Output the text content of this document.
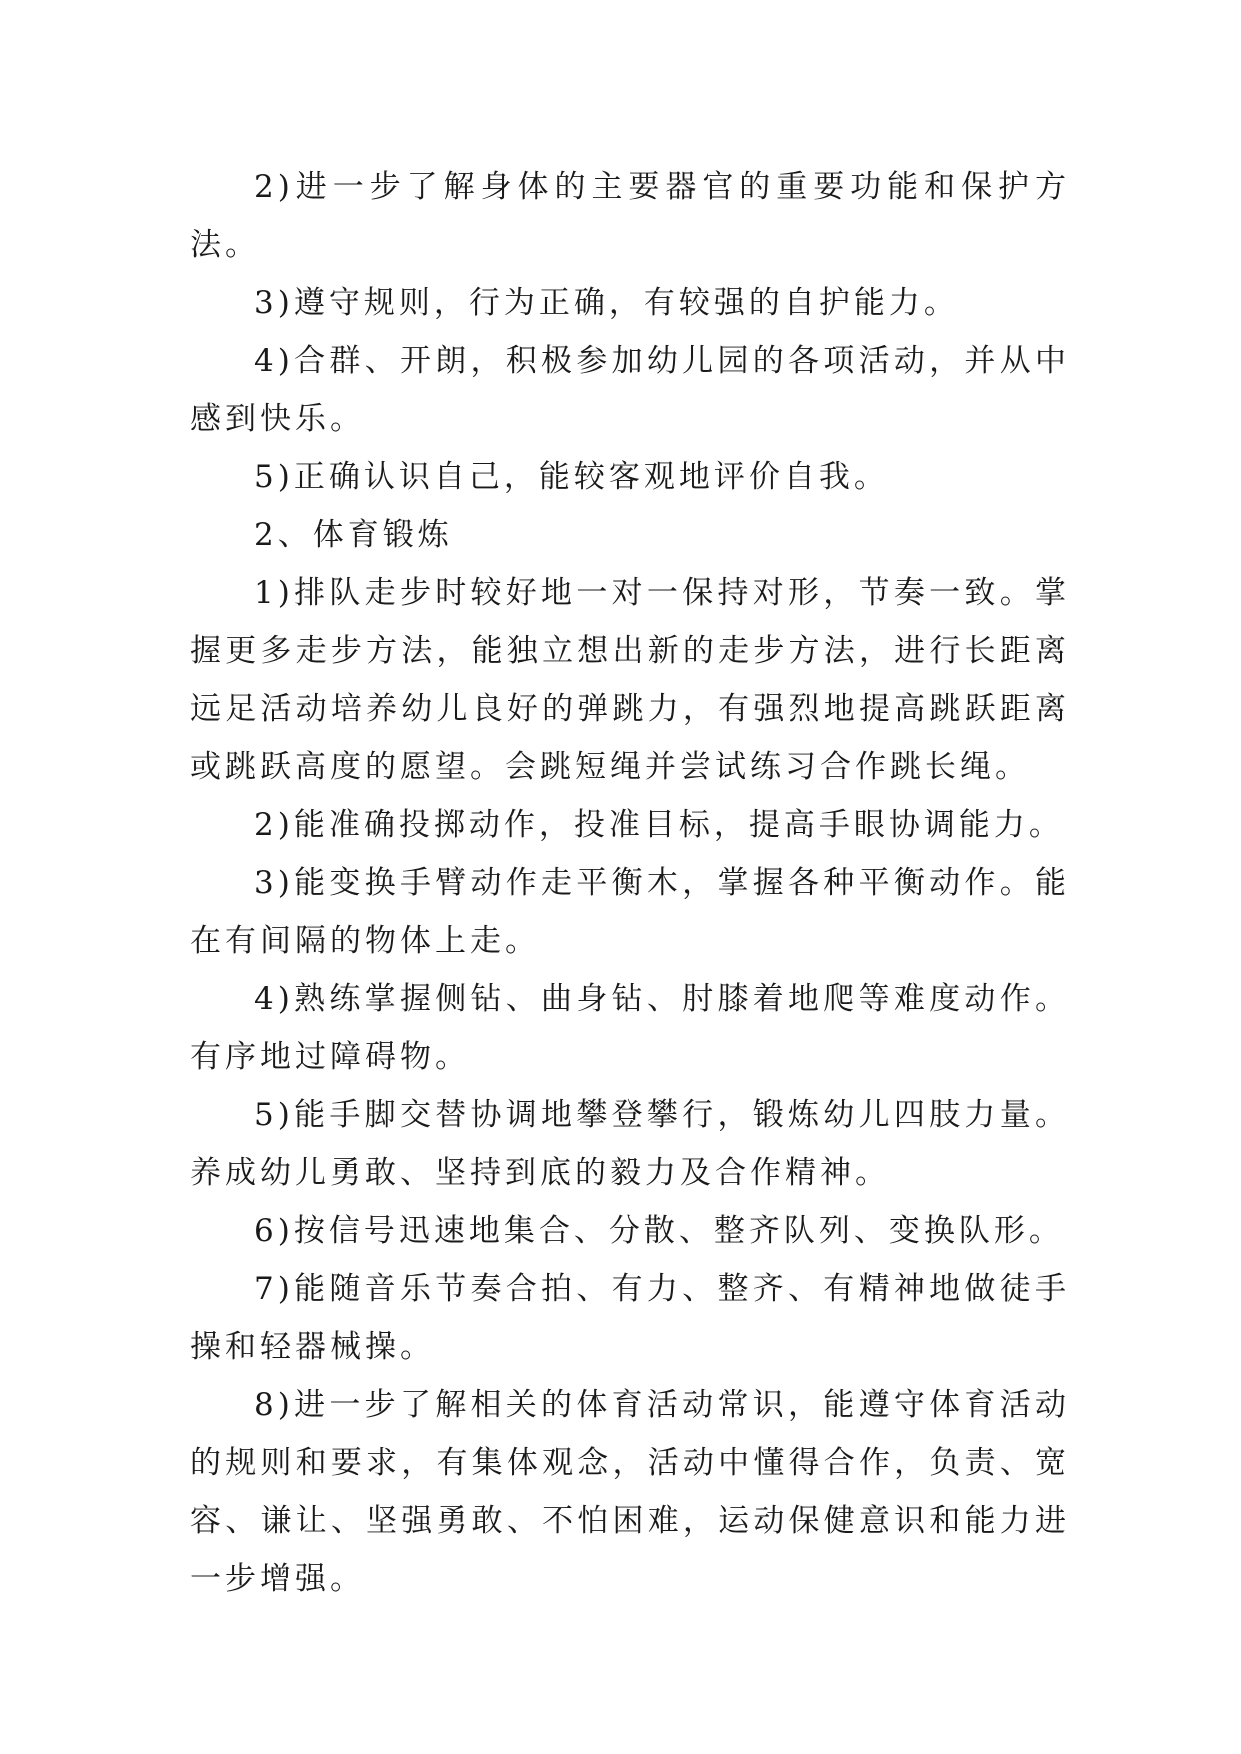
2)进一步了解身体的主要器官的重要功能和保护方法。

3)遵守规则，行为正确，有较强的自护能力。

4)合群、开朗，积极参加幼儿园的各项活动，并从中感到快乐。

5)正确认识自己，能较客观地评价自我。

2、体育锻炼

1)排队走步时较好地一对一保持对形，节奏一致。掌握更多走步方法，能独立想出新的走步方法，进行长距离远足活动培养幼儿良好的弹跳力，有强烈地提高跳跃距离或跳跃高度的愿望。会跳短绳并尝试练习合作跳长绳。

2)能准确投掷动作，投准目标，提高手眼协调能力。

3)能变换手臂动作走平衡木，掌握各种平衡动作。能在有间隔的物体上走。

4)熟练掌握侧钻、曲身钻、肘膝着地爬等难度动作。有序地过障碍物。

5)能手脚交替协调地攀登攀行，锻炼幼儿四肢力量。养成幼儿勇敢、坚持到底的毅力及合作精神。

6)按信号迅速地集合、分散、整齐队列、变换队形。

7)能随音乐节奏合拍、有力、整齐、有精神地做徒手操和轻器械操。

8)进一步了解相关的体育活动常识，能遵守体育活动的规则和要求，有集体观念，活动中懂得合作，负责、宽容、谦让、坚强勇敢、不怕困难，运动保健意识和能力进一步增强。
